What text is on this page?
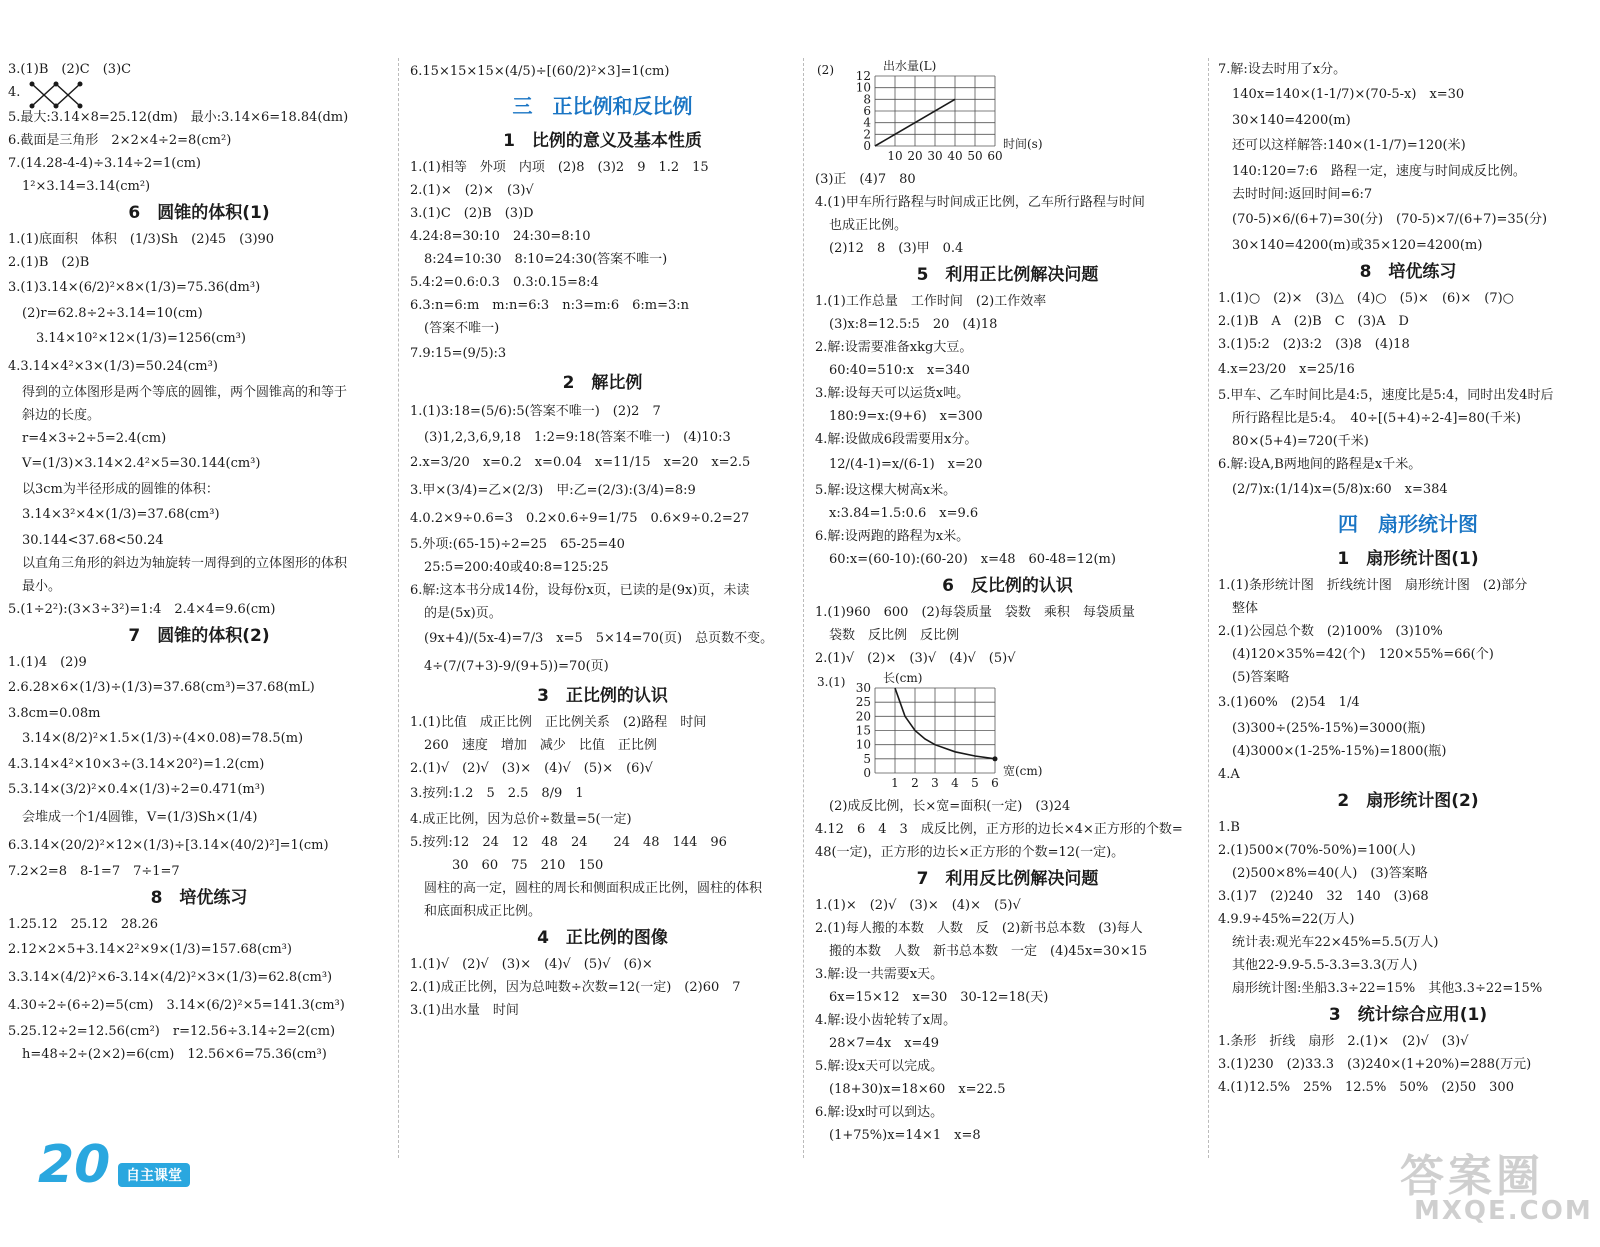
3.(1)B　(2)C　(3)C
4.
5.最大:3.14×8=25.12(dm)　最小:3.14×6=18.84(dm)
6.截面是三角形　2×2×4÷2=8(cm²)
7.(14.28-4-4)÷3.14÷2=1(cm)
1²×3.14=3.14(cm²)
6　圆锥的体积(1)
1.(1)底面积　体积　(1/3)Sh　(2)45　(3)90
2.(1)B　(2)B
3.(1)3.14×(6/2)²×8×(1/3)=75.36(dm³)
(2)r=62.8÷2÷3.14=10(cm)
3.14×10²×12×(1/3)=1256(cm³)
4.3.14×4²×3×(1/3)=50.24(cm³)
得到的立体图形是两个等底的圆锥，两个圆锥高的和等于
斜边的长度。
r=4×3÷2÷5=2.4(cm)
V=(1/3)×3.14×2.4²×5=30.144(cm³)
以3cm为半径形成的圆锥的体积：
3.14×3²×4×(1/3)=37.68(cm³)
30.144<37.68<50.24
以直角三角形的斜边为轴旋转一周得到的立体图形的体积
最小。
5.(1÷2²):(3×3÷3²)=1:4　2.4×4=9.6(cm)
7　圆锥的体积(2)
1.(1)4　(2)9
2.6.28×6×(1/3)÷(1/3)=37.68(cm³)=37.68(mL)
3.8cm=0.08m
3.14×(8/2)²×1.5×(1/3)÷(4×0.08)=78.5(m)
4.3.14×4²×10×3÷(3.14×20²)=1.2(cm)
5.3.14×(3/2)²×0.4×(1/3)÷2=0.471(m³)
会堆成一个1/4圆锥，V=(1/3)Sh×(1/4)
6.3.14×(20/2)²×12×(1/3)÷[3.14×(40/2)²]=1(cm)
7.2×2=8　8-1=7　7÷1=7
8　培优练习
1.25.12　25.12　28.26
2.12×2×5+3.14×2²×9×(1/3)=157.68(cm³)
3.3.14×(4/2)²×6-3.14×(4/2)²×3×(1/3)=62.8(cm³)
4.30÷2÷(6÷2)=5(cm)　3.14×(6/2)²×5=141.3(cm³)
5.25.12÷2=12.56(cm²)　r=12.56÷3.14÷2=2(cm)
h=48÷2÷(2×2)=6(cm)　12.56×6=75.36(cm³)
6.15×15×15×(4/5)÷[(60/2)²×3]=1(cm)
三　正比例和反比例
1　比例的意义及基本性质
1.(1)相等　外项　内项　(2)8　(3)2　9　1.2　15
2.(1)×　(2)×　(3)√
3.(1)C　(2)B　(3)D
4.24:8=30:10　24:30=8:10
8:24=10:30　8:10=24:30(答案不唯一)
5.4:2=0.6:0.3　0.3:0.15=8:4
6.3:n=6:m　m:n=6:3　n:3=m:6　6:m=3:n
(答案不唯一)
7.9:15=(9/5):3
2　解比例
1.(1)3:18=(5/6):5(答案不唯一)　(2)2　7
(3)1,2,3,6,9,18　1:2=9:18(答案不唯一)　(4)10:3
2.x=3/20　x=0.2　x=0.04　x=11/15　x=20　x=2.5
3.甲×(3/4)=乙×(2/3)　甲:乙=(2/3):(3/4)=8:9
4.0.2×9÷0.6=3　0.2×0.6÷9=1/75　0.6×9÷0.2=27
5.外项:(65-15)÷2=25　65-25=40
25:5=200:40或40:8=125:25
6.解:这本书分成14份，设每份x页，已读的是(9x)页，未读
的是(5x)页。
(9x+4)/(5x-4)=7/3　x=5　5×14=70(页)　总页数不变。
4÷(7/(7+3)-9/(9+5))=70(页)
3　正比例的认识
1.(1)比值　成正比例　正比例关系　(2)路程　时间
260　速度　增加　减少　比值　正比例
2.(1)√　(2)√　(3)×　(4)√　(5)×　(6)√
3.按列:1.2　5　2.5　8/9　1
4.成正比例，因为总价÷数量=5(一定)
5.按列:12　24　12　48　24　　24　48　144　96
30　60　75　210　150
圆柱的高一定，圆柱的周长和侧面积成正比例，圆柱的体积
和底面积成正比例。
4　正比例的图像
1.(1)√　(2)√　(3)×　(4)√　(5)√　(6)×
2.(1)成正比例，因为总吨数÷次数=12(一定)　(2)60　7
3.(1)出水量　时间
(2)	出水量(L)
12
10
8
6
4
2
0
10 20 30 40 50 60
时间(s)
(3)正　(4)7　80
4.(1)甲车所行路程与时间成正比例，乙车所行路程与时间
也成正比例。
(2)12　8　(3)甲　0.4
5　利用正比例解决问题
1.(1)工作总量　工作时间　(2)工作效率
(3)x:8=12.5:5　20　(4)18
2.解:设需要准备xkg大豆。
60:40=510:x　x=340
3.解:设每天可以运货x吨。
180:9=x:(9+6)　x=300
4.解:设做成6段需要用x分。
12/(4-1)=x/(6-1)　x=20
5.解:设这棵大树高x米。
x:3.84=1.5:0.6　x=9.6
6.解:设两跑的路程为x米。
60:x=(60-10):(60-20)　x=48　60-48=12(m)
6　反比例的认识
1.(1)960　600　(2)每袋质量　袋数　乘积　每袋质量
袋数　反比例　反比例
2.(1)√　(2)×　(3)√　(4)√　(5)√
3.(1)	长(cm)
30
25
20
15
10
5
0
1 2 3 4 5 6
宽(cm)
(2)成反比例，长×宽=面积(一定)　(3)24
4.12　6　4　3　成反比例，正方形的边长×4×正方形的个数=
48(一定)，正方形的边长×正方形的个数=12(一定)。
7　利用反比例解决问题
1.(1)×　(2)√　(3)×　(4)×　(5)√
2.(1)每人搬的本数　人数　反　(2)新书总本数　(3)每人
搬的本数　人数　新书总本数　一定　(4)45x=30×15
3.解:设一共需要x天。
6x=15×12　x=30　30-12=18(天)
4.解:设小齿轮转了x周。
28×7=4x　x=49
5.解:设x天可以完成。
(18+30)x=18×60　x=22.5
6.解:设x时可以到达。
(1+75%)x=14×1　x=8
7.解:设去时用了x分。
140x=140×(1-1/7)×(70-5-x)　x=30
30×140=4200(m)
还可以这样解答:140×(1-1/7)=120(米)
140:120=7:6　路程一定，速度与时间成反比例。
去时时间:返回时间=6:7
(70-5)×6/(6+7)=30(分)　(70-5)×7/(6+7)=35(分)
30×140=4200(m)或35×120=4200(m)
8　培优练习
1.(1)○　(2)×　(3)△　(4)○　(5)×　(6)×　(7)○
2.(1)B　A　(2)B　C　(3)A　D
3.(1)5:2　(2)3:2　(3)8　(4)18
4.x=23/20　x=25/16
5.甲车、乙车时间比是4:5，速度比是5:4，同时出发4时后
所行路程比是5:4。　40÷[(5+4)÷2-4]=80(千米)
80×(5+4)=720(千米)
6.解:设A,B两地间的路程是x千米。
(2/7)x:(1/14)x=(5/8)x:60　x=384
四　扇形统计图
1　扇形统计图(1)
1.(1)条形统计图　折线统计图　扇形统计图　(2)部分
整体
2.(1)公园总个数　(2)100%　(3)10%
(4)120×35%=42(个)　120×55%=66(个)
(5)答案略
3.(1)60%　(2)54　1/4
(3)300÷(25%-15%)=3000(瓶)
(4)3000×(1-25%-15%)=1800(瓶)
4.A
2　扇形统计图(2)
1.B
2.(1)500×(70%-50%)=100(人)
(2)500×8%=40(人)　(3)答案略
3.(1)7　(2)240　32　140　(3)68
4.9.9÷45%=22(万人)
统计表:观光车22×45%=5.5(万人)
其他22-9.9-5.5-3.3=3.3(万人)
扇形统计图:坐船3.3÷22=15%　其他3.3÷22=15%
3　统计综合应用(1)
1.条形　折线　扇形　2.(1)×　(2)√　(3)√
3.(1)230　(2)33.3　(3)240×(1+20%)=288(万元)
4.(1)12.5%　25%　12.5%　50%　(2)50　300
20	自主课堂	答案圈
MXQE.COM
